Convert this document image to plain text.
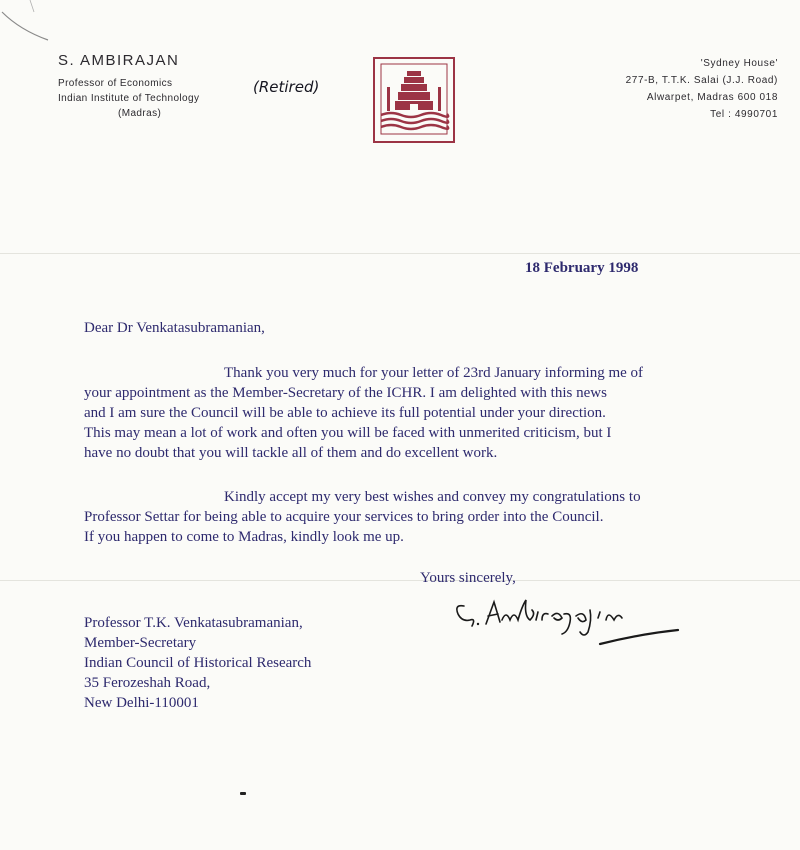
S. AMBIRAJAN
Professor of Economics
Indian Institute of Technology
(Madras)
(Retired)
'Sydney House'
277-B, T.T.K. Salai (J.J. Road)
Alwarpet, Madras 600 018
Tel : 4990701
18 February 1998
Dear Dr Venkatasubramanian,
Thank you very much for your letter of 23rd January informing me of
your appointment as the Member-Secretary of the ICHR. I am delighted with this news
and I am sure the Council will be able to achieve its full potential under your direction.
This may mean a lot of work and often you will be faced with unmerited criticism, but I
have no doubt that you will tackle all of them and do excellent work.
Kindly accept my very best wishes and convey my congratulations to
Professor Settar for being able to acquire your services to bring order into the Council.
If you happen to come to Madras, kindly look me up.
Yours sincerely,
Professor T.K. Venkatasubramanian,
Member-Secretary
Indian Council of Historical Research
35 Ferozeshah Road,
New Delhi-110001
